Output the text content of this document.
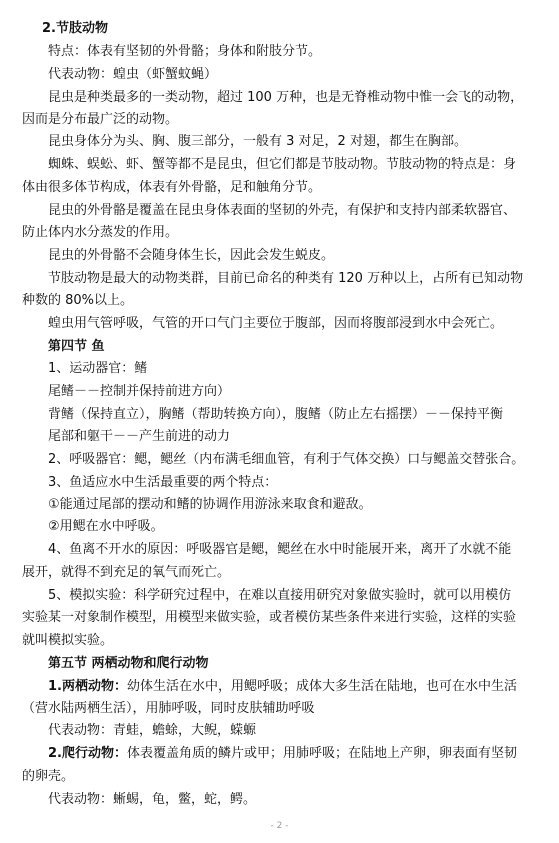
- 2 -
2.节肢动物
特点：体表有坚韧的外骨骼；身体和附肢分节。
代表动物：蝗虫（虾蟹蚊蝇）
昆虫是种类最多的一类动物，超过 100 万种，也是无脊椎动物中惟一会飞的动物，
因而是分布最广泛的动物。
昆虫身体分为头、胸、腹三部分，一般有 3 对足，2 对翅，都生在胸部。
蜘蛛、蜈蚣、虾、蟹等都不是昆虫，但它们都是节肢动物。节肢动物的特点是：身
体由很多体节构成，体表有外骨骼，足和触角分节。
昆虫的外骨骼是覆盖在昆虫身体表面的坚韧的外壳，有保护和支持内部柔软器官、
防止体内水分蒸发的作用。
昆虫的外骨骼不会随身体生长，因此会发生蜕皮。
节肢动物是最大的动物类群，目前已命名的种类有 120 万种以上，占所有已知动物
种数的 80%以上。
蝗虫用气管呼吸，气管的开口气门主要位于腹部，因而将腹部浸到水中会死亡。
第四节 鱼
1、运动器官：鳍
尾鳍－－控制并保持前进方向）
背鳍（保持直立），胸鳍（帮助转换方向），腹鳍（防止左右摇摆）－－保持平衡
尾部和躯干－－产生前进的动力
2、呼吸器官：鳃，鳃丝（内布满毛细血管，有利于气体交换）口与鳃盖交替张合。
3、鱼适应水中生活最重要的两个特点：
①能通过尾部的摆动和鳍的协调作用游泳来取食和避敌。
②用鳃在水中呼吸。
4、鱼离不开水的原因：呼吸器官是鳃，鳃丝在水中时能展开来，离开了水就不能
展开，就得不到充足的氧气而死亡。
5、模拟实验：科学研究过程中，在难以直接用研究对象做实验时，就可以用模仿
实验某一对象制作模型，用模型来做实验，或者模仿某些条件来进行实验，这样的实验
就叫模拟实验。
第五节 两栖动物和爬行动物
1.两栖动物：幼体生活在水中，用鳃呼吸；成体大多生活在陆地，也可在水中生活
（营水陆两栖生活），用肺呼吸，同时皮肤辅助呼吸
代表动物：青蛙，蟾蜍，大鲵，蝾螈
2.爬行动物：体表覆盖角质的鳞片或甲；用肺呼吸；在陆地上产卵，卵表面有坚韧
的卵壳。
代表动物：蜥蜴，龟，鳖，蛇，鳄。
